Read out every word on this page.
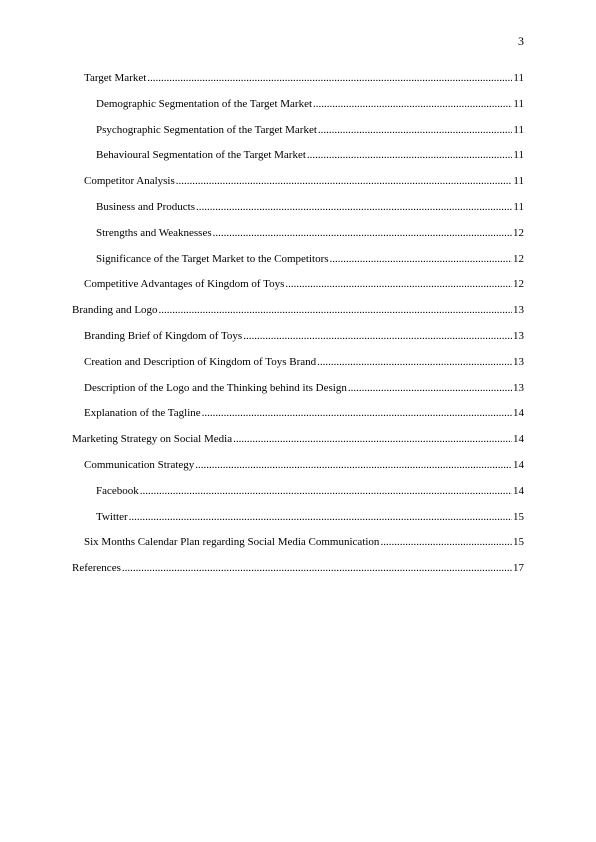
3
Target Market .....	11
Demographic Segmentation of the Target Market .....	11
Psychographic Segmentation of the Target Market .....	11
Behavioural Segmentation of the Target Market .....	11
Competitor Analysis .....	11
Business and Products .....	11
Strengths and Weaknesses .....	12
Significance of the Target Market to the Competitors .....	12
Competitive Advantages of Kingdom of Toys .....	12
Branding and Logo .....	13
Branding Brief of Kingdom of Toys .....	13
Creation and Description of Kingdom of Toys Brand .....	13
Description of the Logo and the Thinking behind its Design .....	13
Explanation of the Tagline .....	14
Marketing Strategy on Social Media .....	14
Communication Strategy .....	14
Facebook .....	14
Twitter .....	15
Six Months Calendar Plan regarding Social Media Communication .....	15
References .....	17
